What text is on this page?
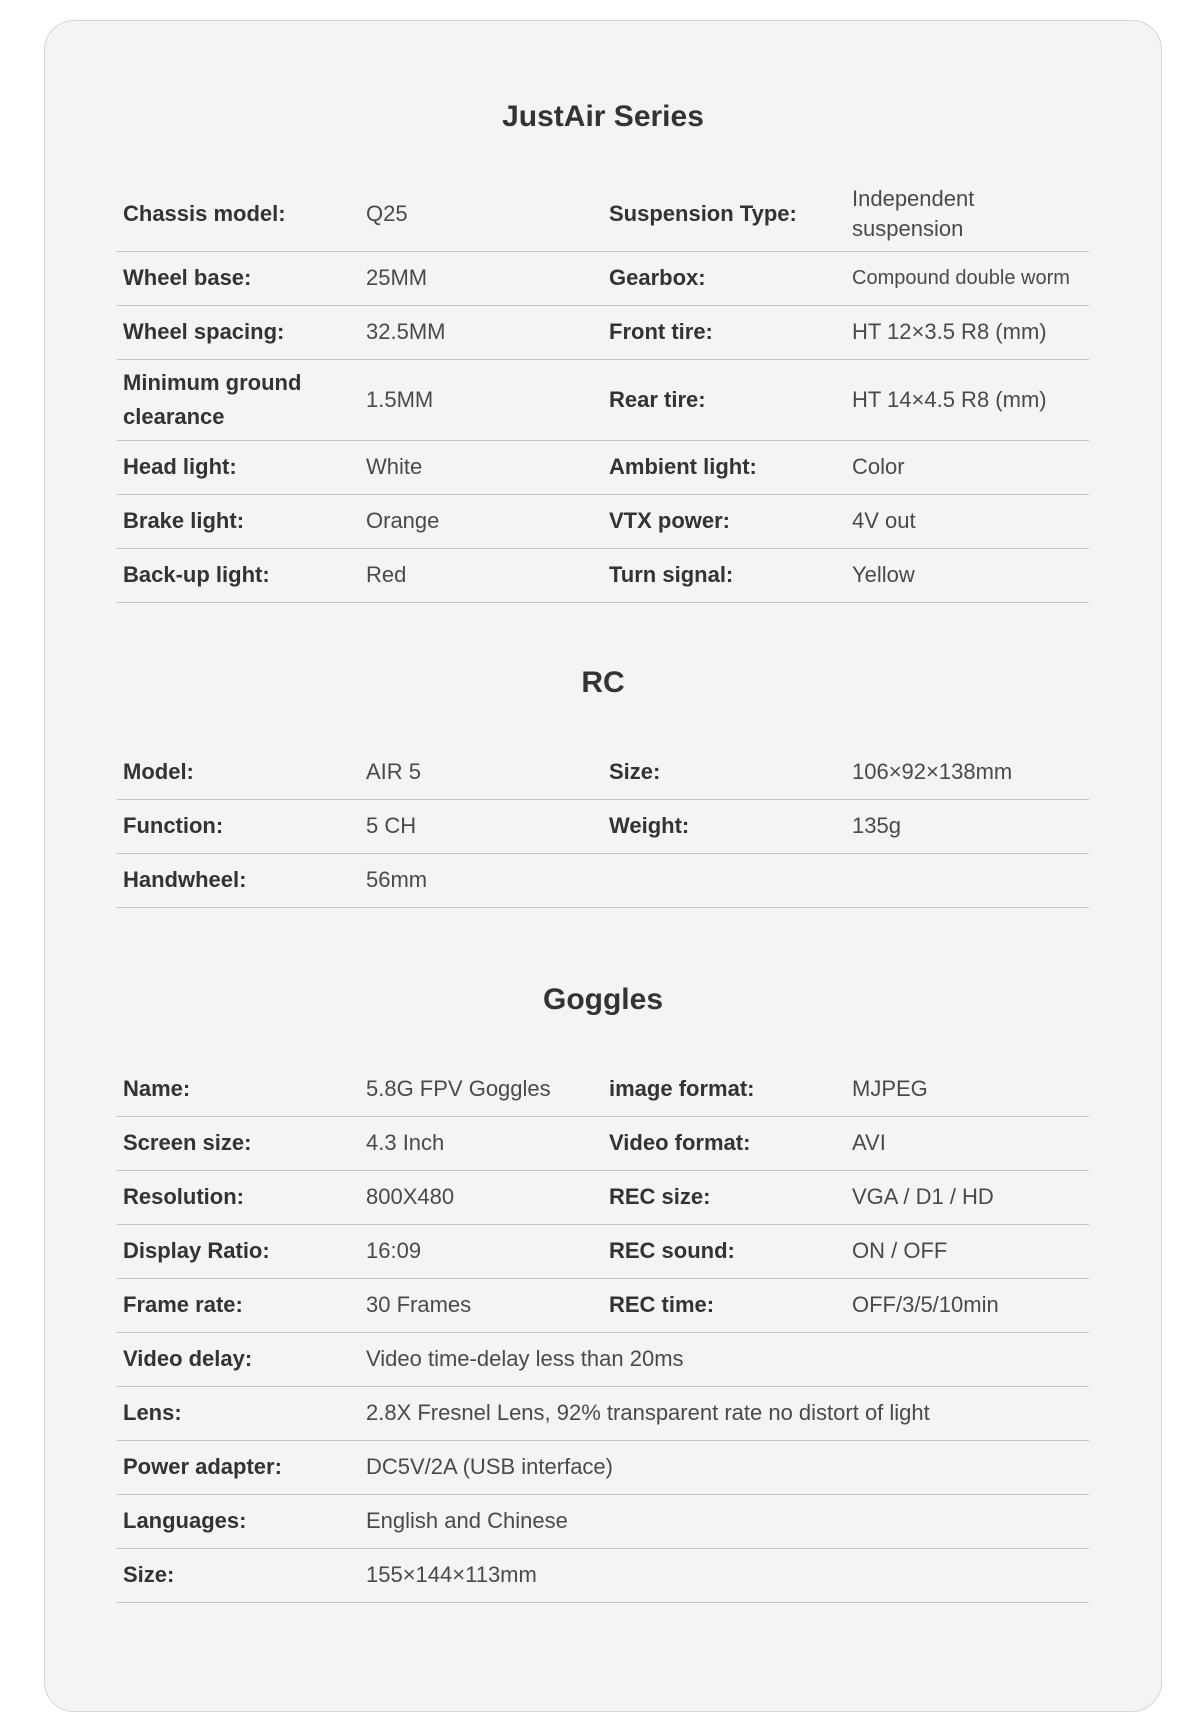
JustAir Series
Chassis model:	Q25	Suspension Type:	Independent suspension
Wheel base:	25MM	Gearbox:	Compound double worm
Wheel spacing:	32.5MM	Front tire:	HT 12×3.5 R8 (mm)
Minimum ground clearance	1.5MM	Rear tire:	HT 14×4.5 R8 (mm)
Head light:	White	Ambient light:	Color
Brake light:	Orange	VTX power:	4V out
Back-up light:	Red	Turn signal:	Yellow
RC
Model:	AIR 5	Size:	106×92×138mm
Function:	5 CH	Weight:	135g
Handwheel:	56mm		
Goggles
Name:	5.8G FPV Goggles	image format:	MJPEG
Screen size:	4.3 Inch	Video format:	AVI
Resolution:	800X480	REC size:	VGA / D1 / HD
Display Ratio:	16:09	REC sound:	ON / OFF
Frame rate:	30 Frames	REC time:	OFF/3/5/10min
Video delay:	Video time-delay less than 20ms		
Lens:	2.8X Fresnel Lens, 92% transparent rate no distort of light		
Power adapter:	DC5V/2A (USB interface)		
Languages:	English and Chinese		
Size:	155×144×113mm		
